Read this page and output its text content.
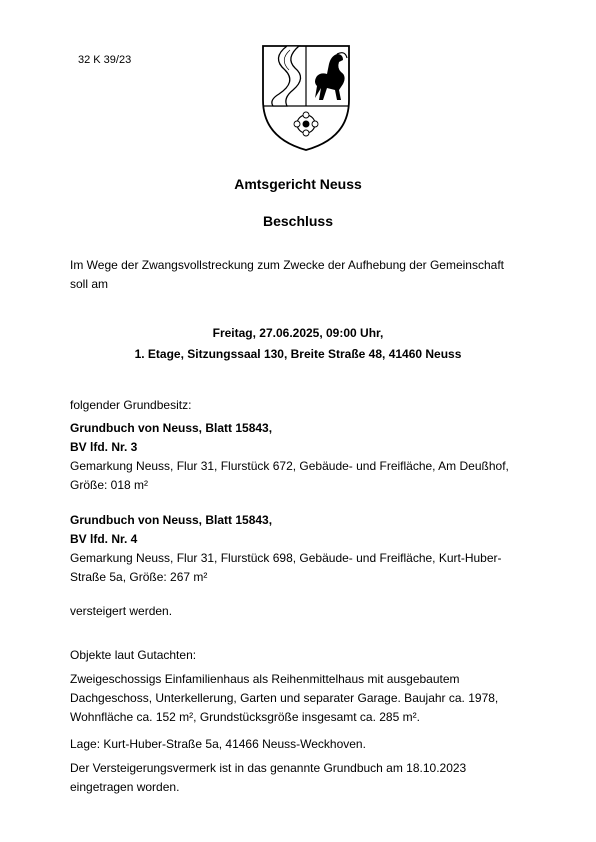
32 K 39/23
Amtsgericht Neuss
Beschluss
Im Wege der Zwangsvollstreckung zum Zwecke der Aufhebung der Gemeinschaft
soll am
Freitag, 27.06.2025, 09:00 Uhr,
1. Etage, Sitzungssaal 130, Breite Straße 48, 41460 Neuss
folgender Grundbesitz:
Grundbuch von Neuss, Blatt 15843,
BV lfd. Nr. 3
Gemarkung Neuss, Flur 31, Flurstück 672, Gebäude- und Freifläche, Am Deußhof,
Größe: 018 m²
Grundbuch von Neuss, Blatt 15843,
BV lfd. Nr. 4
Gemarkung Neuss, Flur 31, Flurstück 698, Gebäude- und Freifläche, Kurt-Huber-
Straße 5a, Größe: 267 m²
versteigert werden.
Objekte laut Gutachten:
Zweigeschossigs Einfamilienhaus als Reihenmittelhaus mit ausgebautem
Dachgeschoss, Unterkellerung, Garten und separater Garage. Baujahr ca. 1978,
Wohnfläche ca. 152 m², Grundstücksgröße insgesamt ca. 285 m².
Lage: Kurt-Huber-Straße 5a, 41466 Neuss-Weckhoven.
Der Versteigerungsvermerk ist in das genannte Grundbuch am 18.10.2023
eingetragen worden.
